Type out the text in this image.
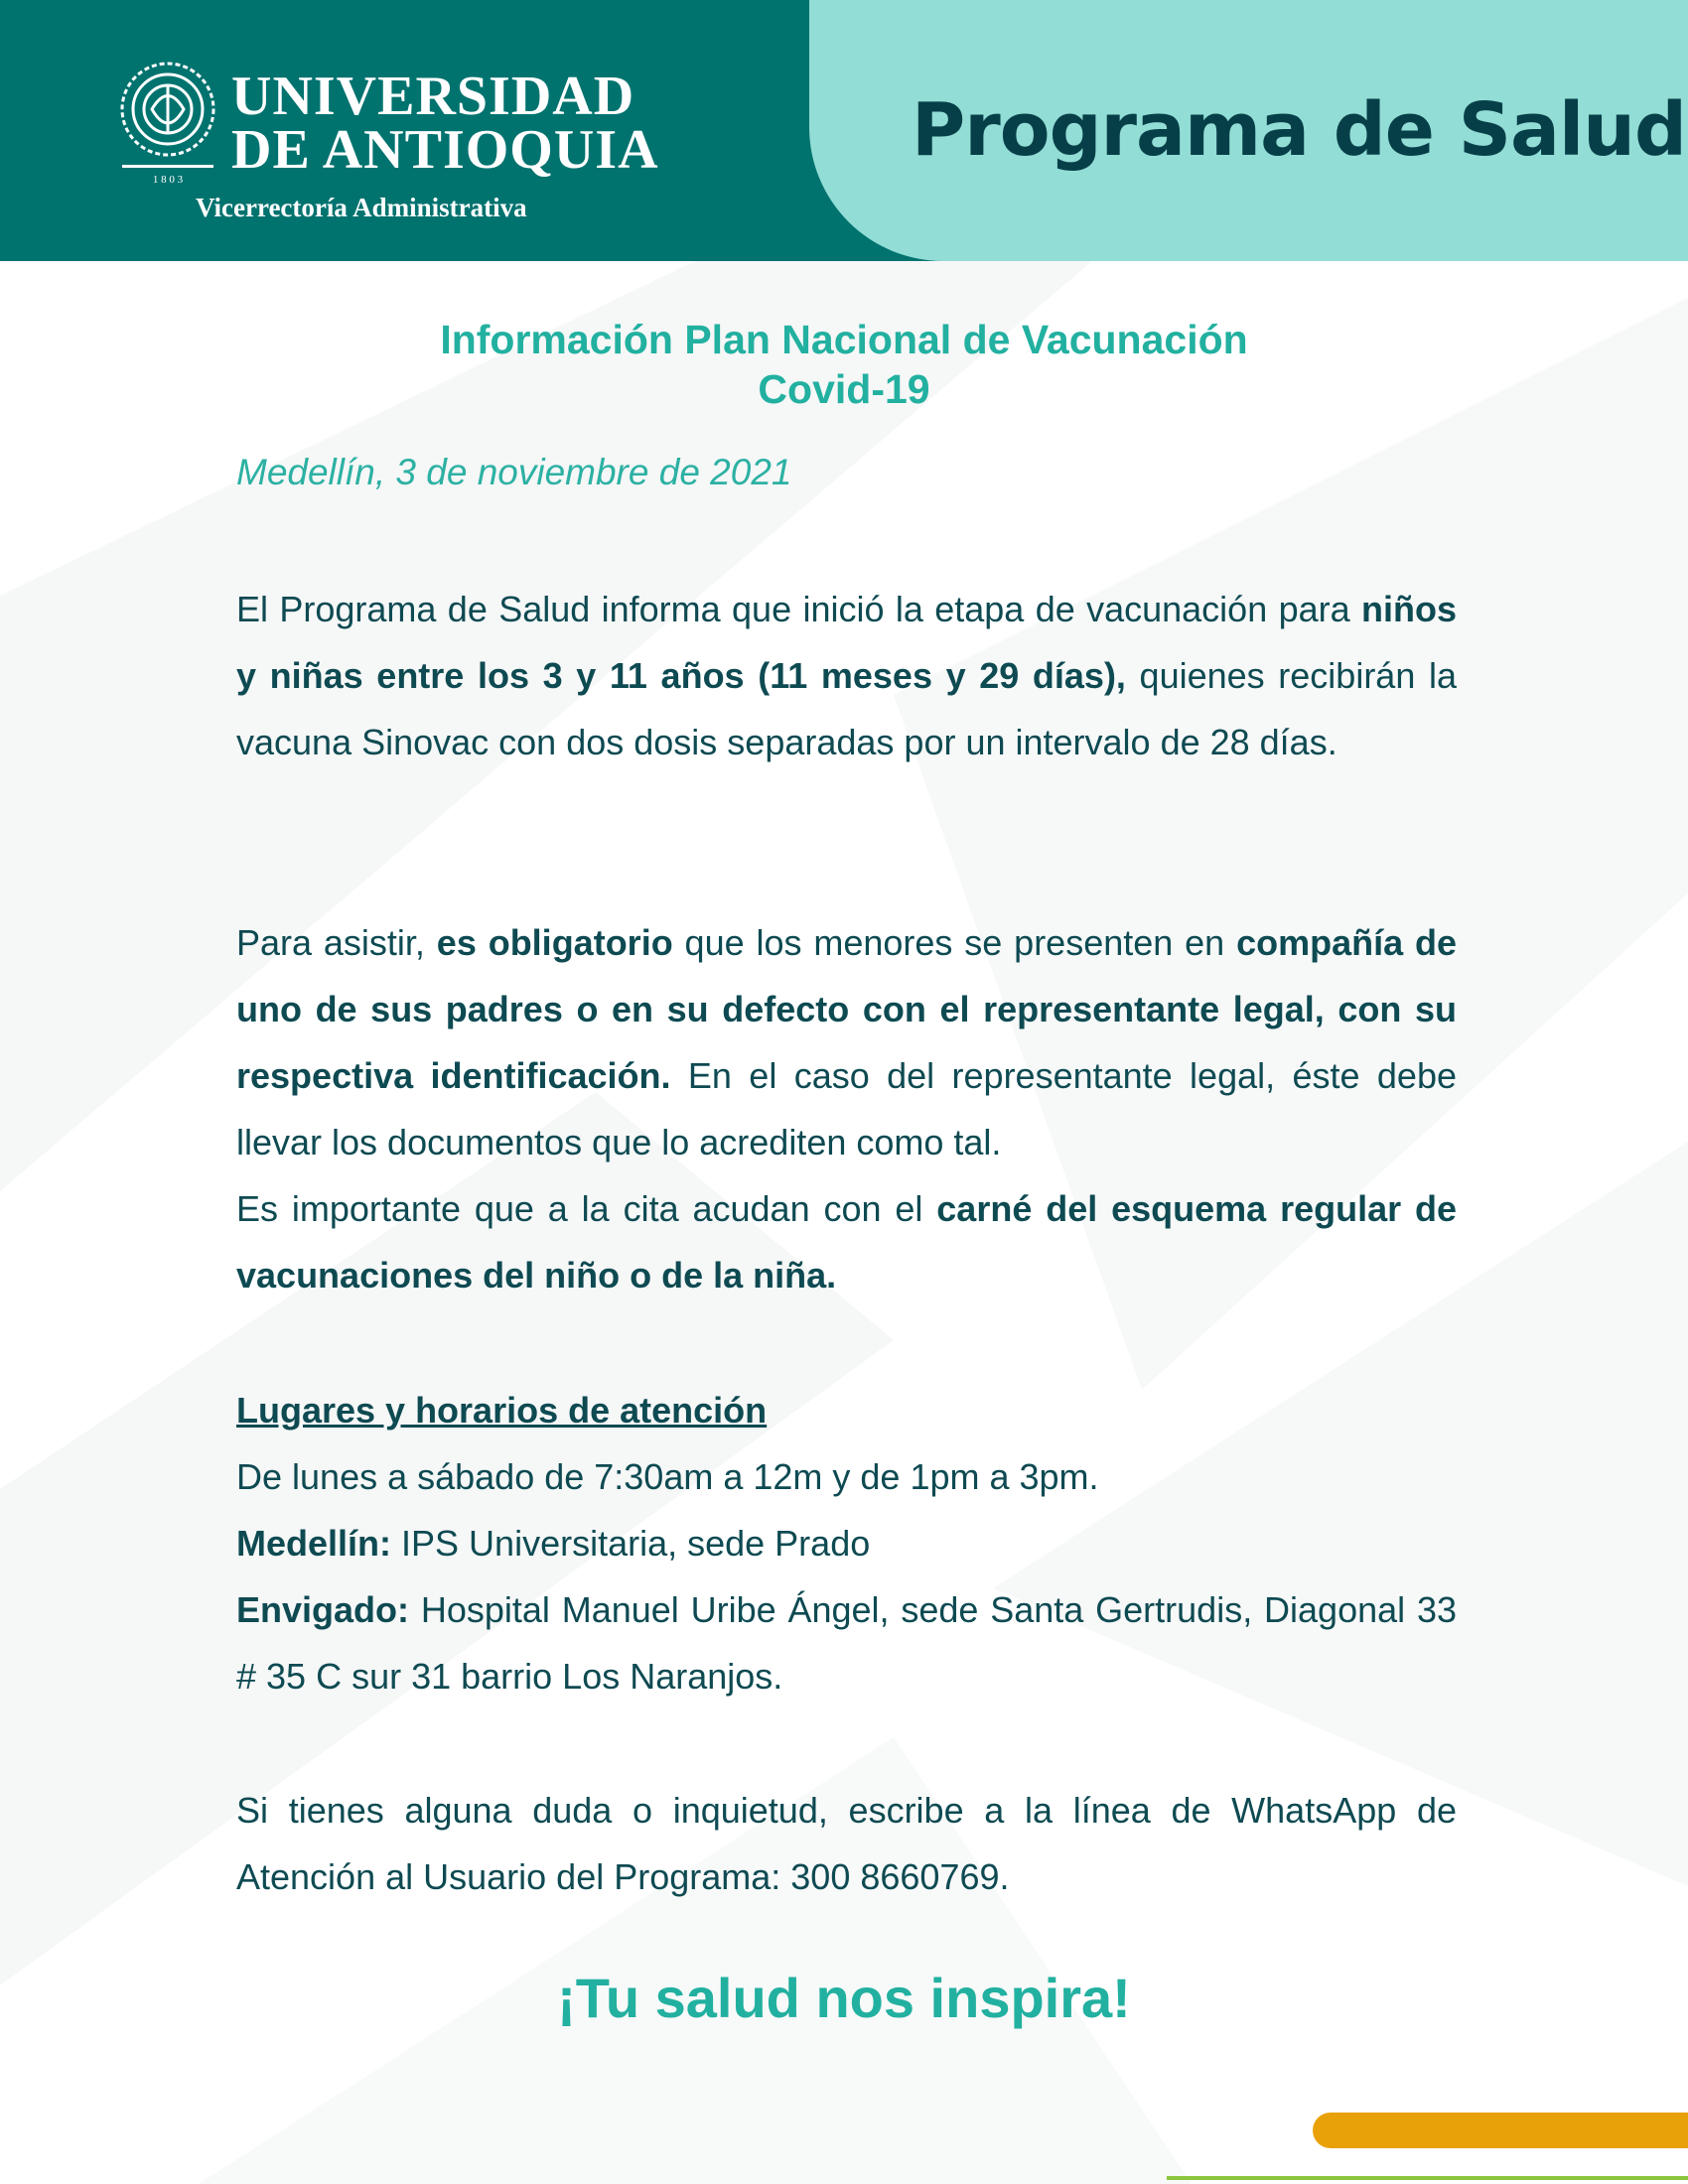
1 8 0 3
UNIVERSIDAD
DE ANTIOQUIA
Vicerrectoría Administrativa
Programa de Salud
Información Plan Nacional de Vacunación
Covid-19
Medellín, 3 de noviembre de 2021
El Programa de Salud informa que inició la etapa de vacunación para niños y niñas entre los 3 y 11 años (11 meses y 29 días), quienes recibirán la vacuna Sinovac con dos dosis separadas por un intervalo de 28 días.
Para asistir, es obligatorio que los menores se presenten en compañía de uno de sus padres o en su defecto con el representante legal, con su respectiva identificación. En el caso del representante legal, éste debe llevar los documentos que lo acrediten como tal.
Es importante que a la cita acudan con el carné del esquema regular de vacunaciones del niño o de la niña.
Lugares y horarios de atención
De lunes a sábado de 7:30am a 12m y de 1pm a 3pm.
Medellín: IPS Universitaria, sede Prado
Envigado: Hospital Manuel Uribe Ángel, sede Santa Gertrudis, Diagonal 33 # 35 C sur 31 barrio Los Naranjos.
Si tienes alguna duda o inquietud, escribe a la línea de WhatsApp de Atención al Usuario del Programa: 300 8660769.
¡Tu salud nos inspira!
